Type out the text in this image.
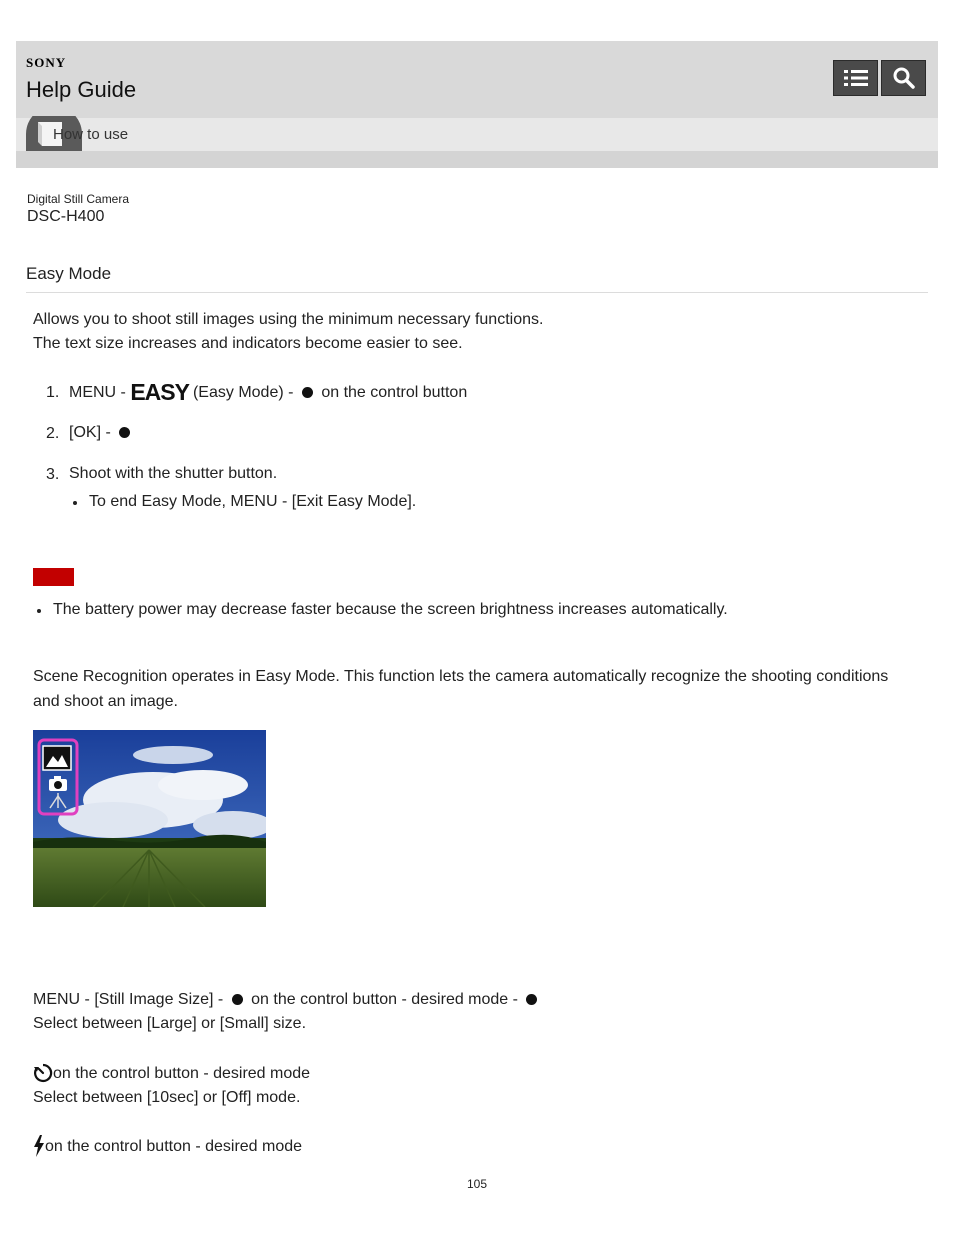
SONY
Help Guide
How to use
Digital Still Camera
DSC-H400
Easy Mode
Allows you to shoot still images using the minimum necessary functions.
The text size increases and indicators become easier to see.
1. MENU - EASY (Easy Mode) -  on the control button
2. [OK] -
3. Shoot with the shutter button.
To end Easy Mode, MENU - [Exit Easy Mode].
The battery power may decrease faster because the screen brightness increases automatically.
Scene Recognition operates in Easy Mode. This function lets the camera automatically recognize the shooting conditions
and shoot an image.
MENU - [Still Image Size] -  on the control button - desired mode -
Select between [Large] or [Small] size.
on the control button - desired mode
Select between [10sec] or [Off] mode.
on the control button - desired mode
105
